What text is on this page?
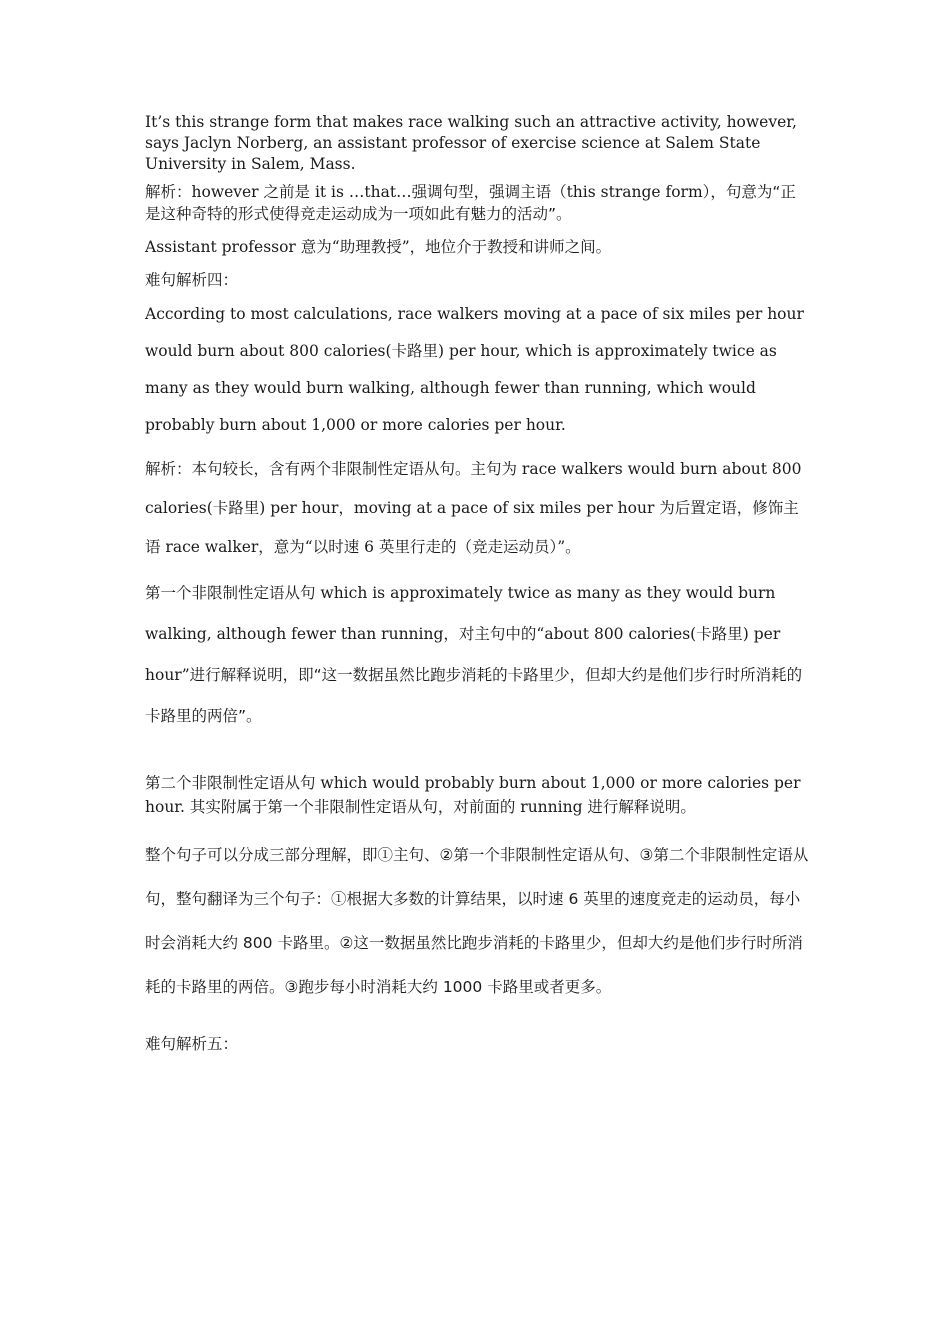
It’s this strange form that makes race walking such an attractive activity, however, says Jaclyn Norberg, an assistant professor of exercise science at Salem State University in Salem, Mass.

解析：however 之前是 it is …that…强调句型，强调主语（this strange form），句意为“正是这种奇特的形式使得竞走运动成为一项如此有魅力的活动”。

Assistant professor 意为“助理教授”，地位介于教授和讲师之间。

难句解析四：

According to most calculations, race walkers moving at a pace of six miles per hour would burn about 800 calories(卡路里) per hour, which is approximately twice as many as they would burn walking, although fewer than running, which would probably burn about 1,000 or more calories per hour.

解析：本句较长，含有两个非限制性定语从句。主句为 race walkers would burn about 800 calories(卡路里) per hour，moving at a pace of six miles per hour 为后置定语，修饰主语 race walker，意为“以时速 6 英里行走的（竞走运动员）”。

第一个非限制性定语从句 which is approximately twice as many as they would burn walking, although fewer than running，对主句中的“about 800 calories(卡路里) per hour”进行解释说明，即“这一数据虽然比跑步消耗的卡路里少，但却大约是他们步行时所消耗的卡路里的两倍”。

第二个非限制性定语从句 which would probably burn about 1,000 or more calories per hour. 其实附属于第一个非限制性定语从句，对前面的 running 进行解释说明。

整个句子可以分成三部分理解，即①主句、②第一个非限制性定语从句、③第二个非限制性定语从句，整句翻译为三个句子：①根据大多数的计算结果，以时速 6 英里的速度竞走的运动员，每小时会消耗大约 800 卡路里。②这一数据虽然比跑步消耗的卡路里少，但却大约是他们步行时所消耗的卡路里的两倍。③跑步每小时消耗大约 1000 卡路里或者更多。

难句解析五：
